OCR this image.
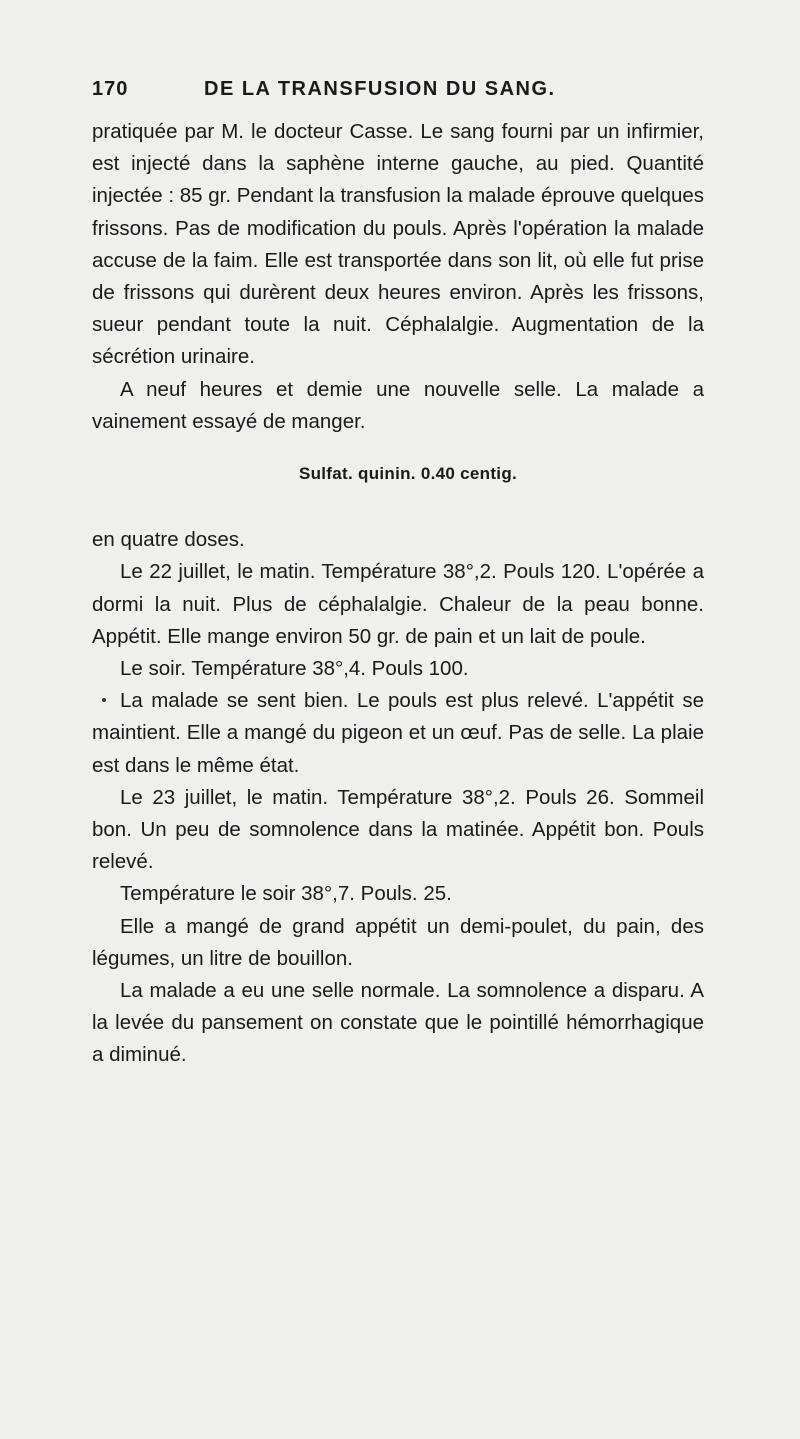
170	DE LA TRANSFUSION DU SANG.

pratiquée par M. le docteur Casse. Le sang fourni par un infirmier, est injecté dans la saphène interne gauche, au pied. Quantité injectée : 85 gr. Pendant la transfusion la malade éprouve quelques frissons. Pas de modification du pouls. Après l'opération la malade accuse de la faim. Elle est transportée dans son lit, où elle fut prise de frissons qui durèrent deux heures environ. Après les frissons, sueur pendant toute la nuit. Céphalalgie. Augmentation de la sécrétion urinaire.

A neuf heures et demie une nouvelle selle. La malade a vainement essayé de manger.

Sulfat. quinin. 0.40 centig.

en quatre doses.

Le 22 juillet, le matin. Température 38°,2. Pouls 120. L'opérée a dormi la nuit. Plus de céphalalgie. Chaleur de la peau bonne. Appétit. Elle mange environ 50 gr. de pain et un lait de poule.

Le soir. Température 38°,4. Pouls 100.

La malade se sent bien. Le pouls est plus relevé. L'appétit se maintient. Elle a mangé du pigeon et un œuf. Pas de selle. La plaie est dans le même état.

Le 23 juillet, le matin. Température 38°,2. Pouls 26. Sommeil bon. Un peu de somnolence dans la matinée. Appétit bon. Pouls relevé.

Température le soir 38°,7. Pouls. 25.

Elle a mangé de grand appétit un demi-poulet, du pain, des légumes, un litre de bouillon.

La malade a eu une selle normale. La somnolence a disparu. A la levée du pansement on constate que le pointillé hémorrhagique a diminué.
